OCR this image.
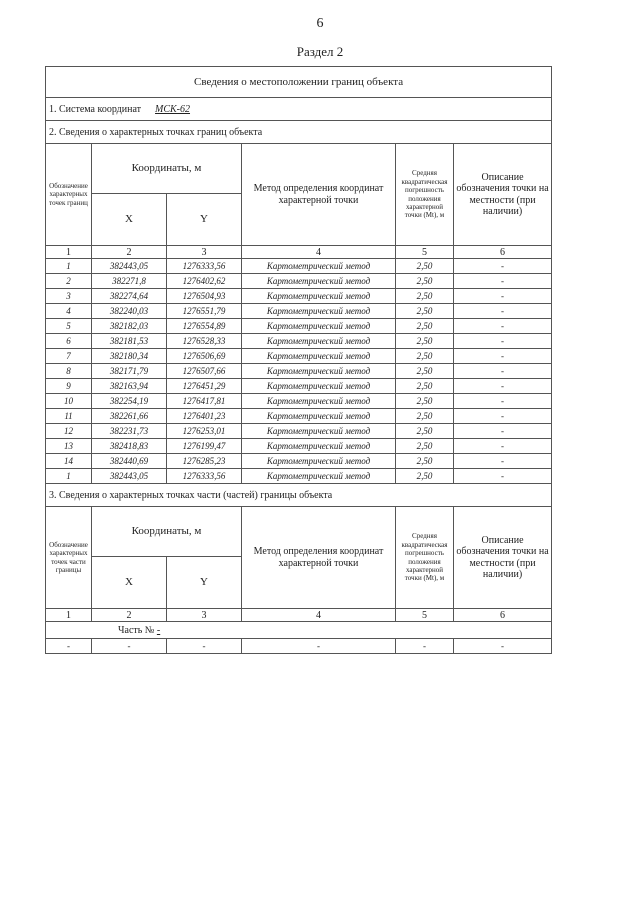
6
Раздел 2
Сведения о местоположении границ объекта					
1. Система координат МСК-62					
2. Сведения о характерных точках границ объекта					
Обозначение характерных точек границ	Координаты, м		Метод определения координат характерной точки	Средняя квадратическая погрешность положения характерной точки (Mt), м	Описание обозначения точки на местности (при наличии)
	X	Y			
1	2	3	4	5	6
1	382443,05	1276333,56	Картометрический метод	2,50	-
2	382271,8	1276402,62	Картометрический метод	2,50	-
3	382274,64	1276504,93	Картометрический метод	2,50	-
4	382240,03	1276551,79	Картометрический метод	2,50	-
5	382182,03	1276554,89	Картометрический метод	2,50	-
6	382181,53	1276528,33	Картометрический метод	2,50	-
7	382180,34	1276506,69	Картометрический метод	2,50	-
8	382171,79	1276507,66	Картометрический метод	2,50	-
9	382163,94	1276451,29	Картометрический метод	2,50	-
10	382254,19	1276417,81	Картометрический метод	2,50	-
11	382261,66	1276401,23	Картометрический метод	2,50	-
12	382231,73	1276253,01	Картометрический метод	2,50	-
13	382418,83	1276199,47	Картометрический метод	2,50	-
14	382440,69	1276285,23	Картометрический метод	2,50	-
1	382443,05	1276333,56	Картометрический метод	2,50	-
3. Сведения о характерных точках части (частей) границы объекта					
Обозначение характерных точек части границы	Координаты, м		Метод определения координат характерной точки	Средняя квадратическая погрешность положения характерной точки (Mt), м	Описание обозначения точки на местности (при наличии)
	X	Y			
1	2	3	4	5	6
Часть № -					
-	-	-	-	-	-
